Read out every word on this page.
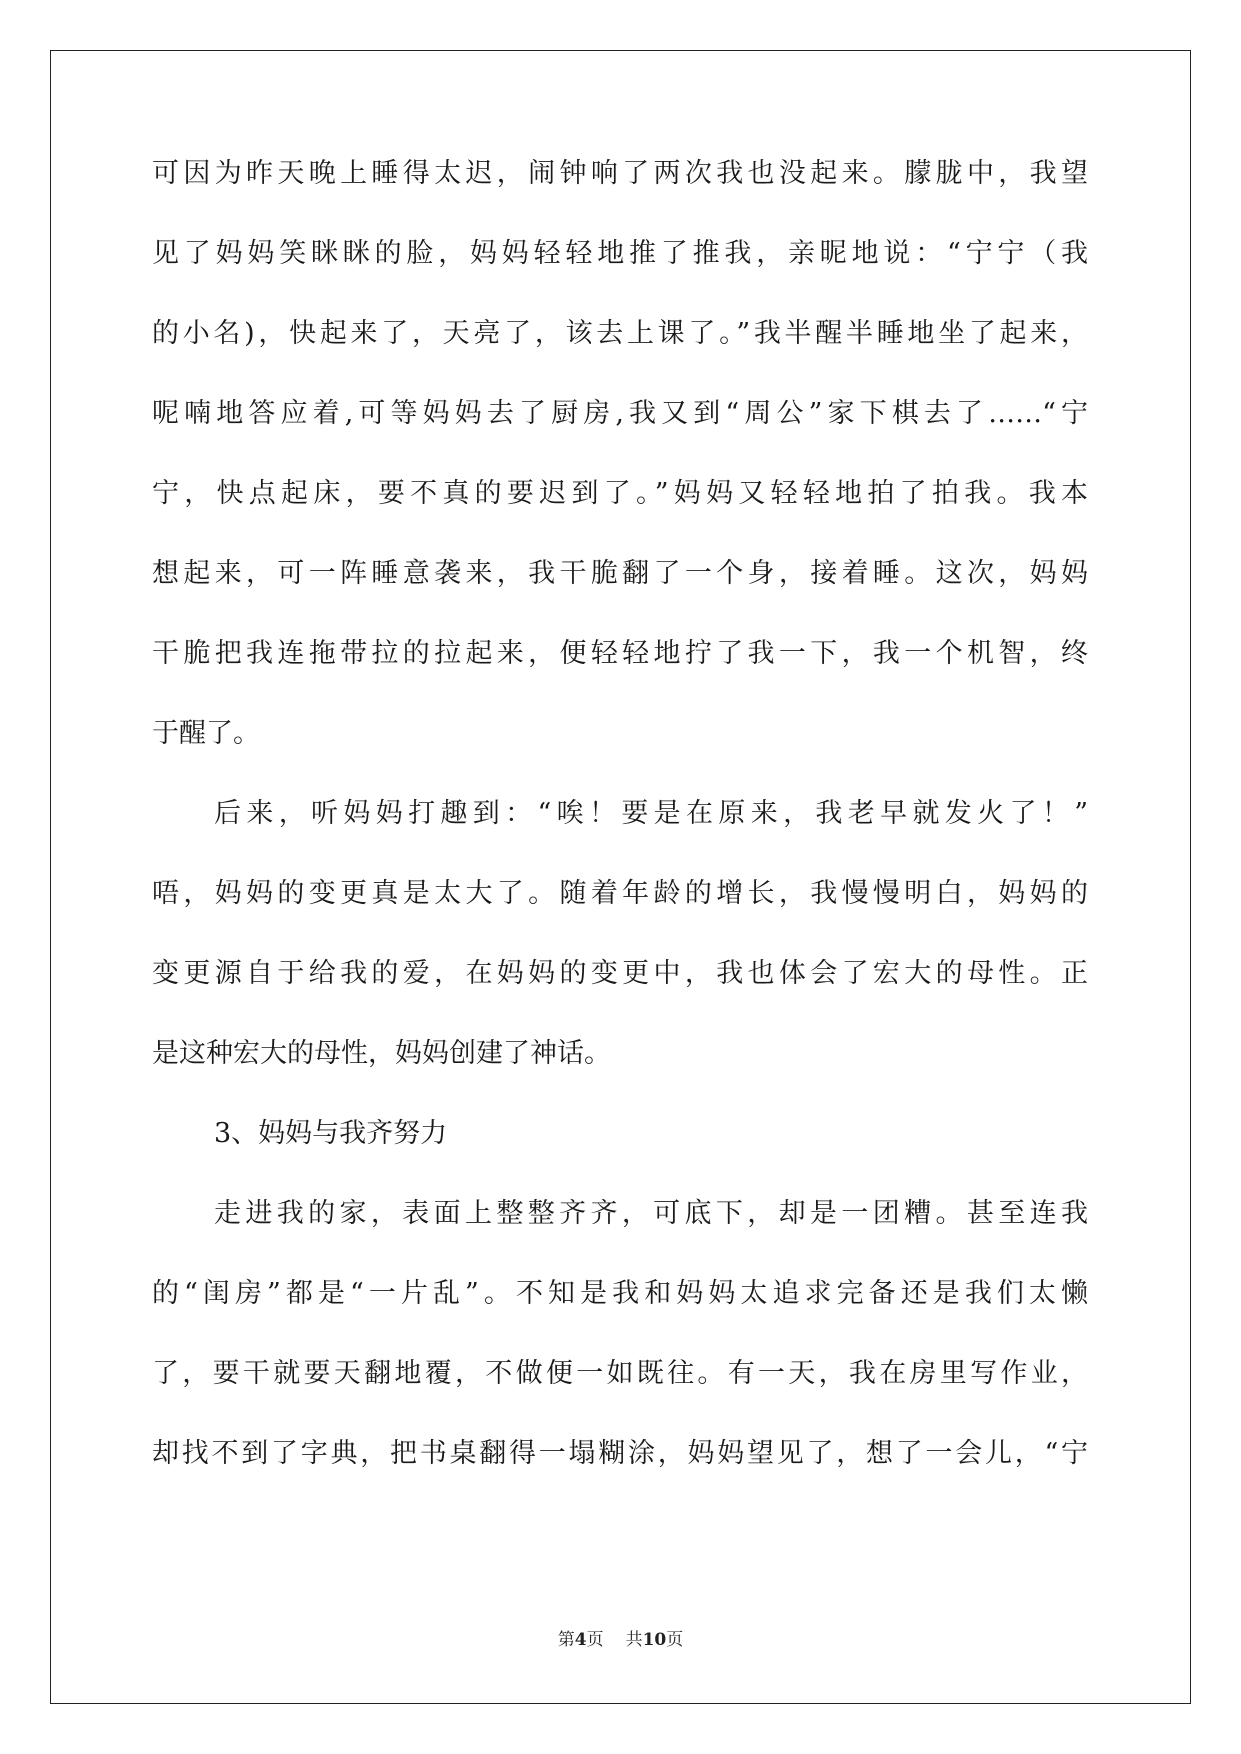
可因为昨天晚上睡得太迟，闹钟响了两次我也没起来。朦胧中，我望
见了妈妈笑眯眯的脸，妈妈轻轻地推了推我，亲昵地说：“宁宁（我
的小名)，快起来了，天亮了，该去上课了。”我半醒半睡地坐了起来，
呢喃地答应着,可等妈妈去了厨房,我又到“周公”家下棋去了……“宁
宁，快点起床，要不真的要迟到了。”妈妈又轻轻地拍了拍我。我本
想起来，可一阵睡意袭来，我干脆翻了一个身，接着睡。这次，妈妈
干脆把我连拖带拉的拉起来，便轻轻地拧了我一下，我一个机智，终
于醒了。
后来，听妈妈打趣到：“唉！要是在原来，我老早就发火了！”
唔，妈妈的变更真是太大了。随着年龄的增长，我慢慢明白，妈妈的
变更源自于给我的爱，在妈妈的变更中，我也体会了宏大的母性。正
是这种宏大的母性，妈妈创建了神话。
3、妈妈与我齐努力
走进我的家，表面上整整齐齐，可底下，却是一团糟。甚至连我
的“闺房”都是“一片乱”。不知是我和妈妈太追求完备还是我们太懒
了，要干就要天翻地覆，不做便一如既往。有一天，我在房里写作业，
却找不到了字典，把书桌翻得一塌糊涂，妈妈望见了，想了一会儿，“宁
第4页 共10页
